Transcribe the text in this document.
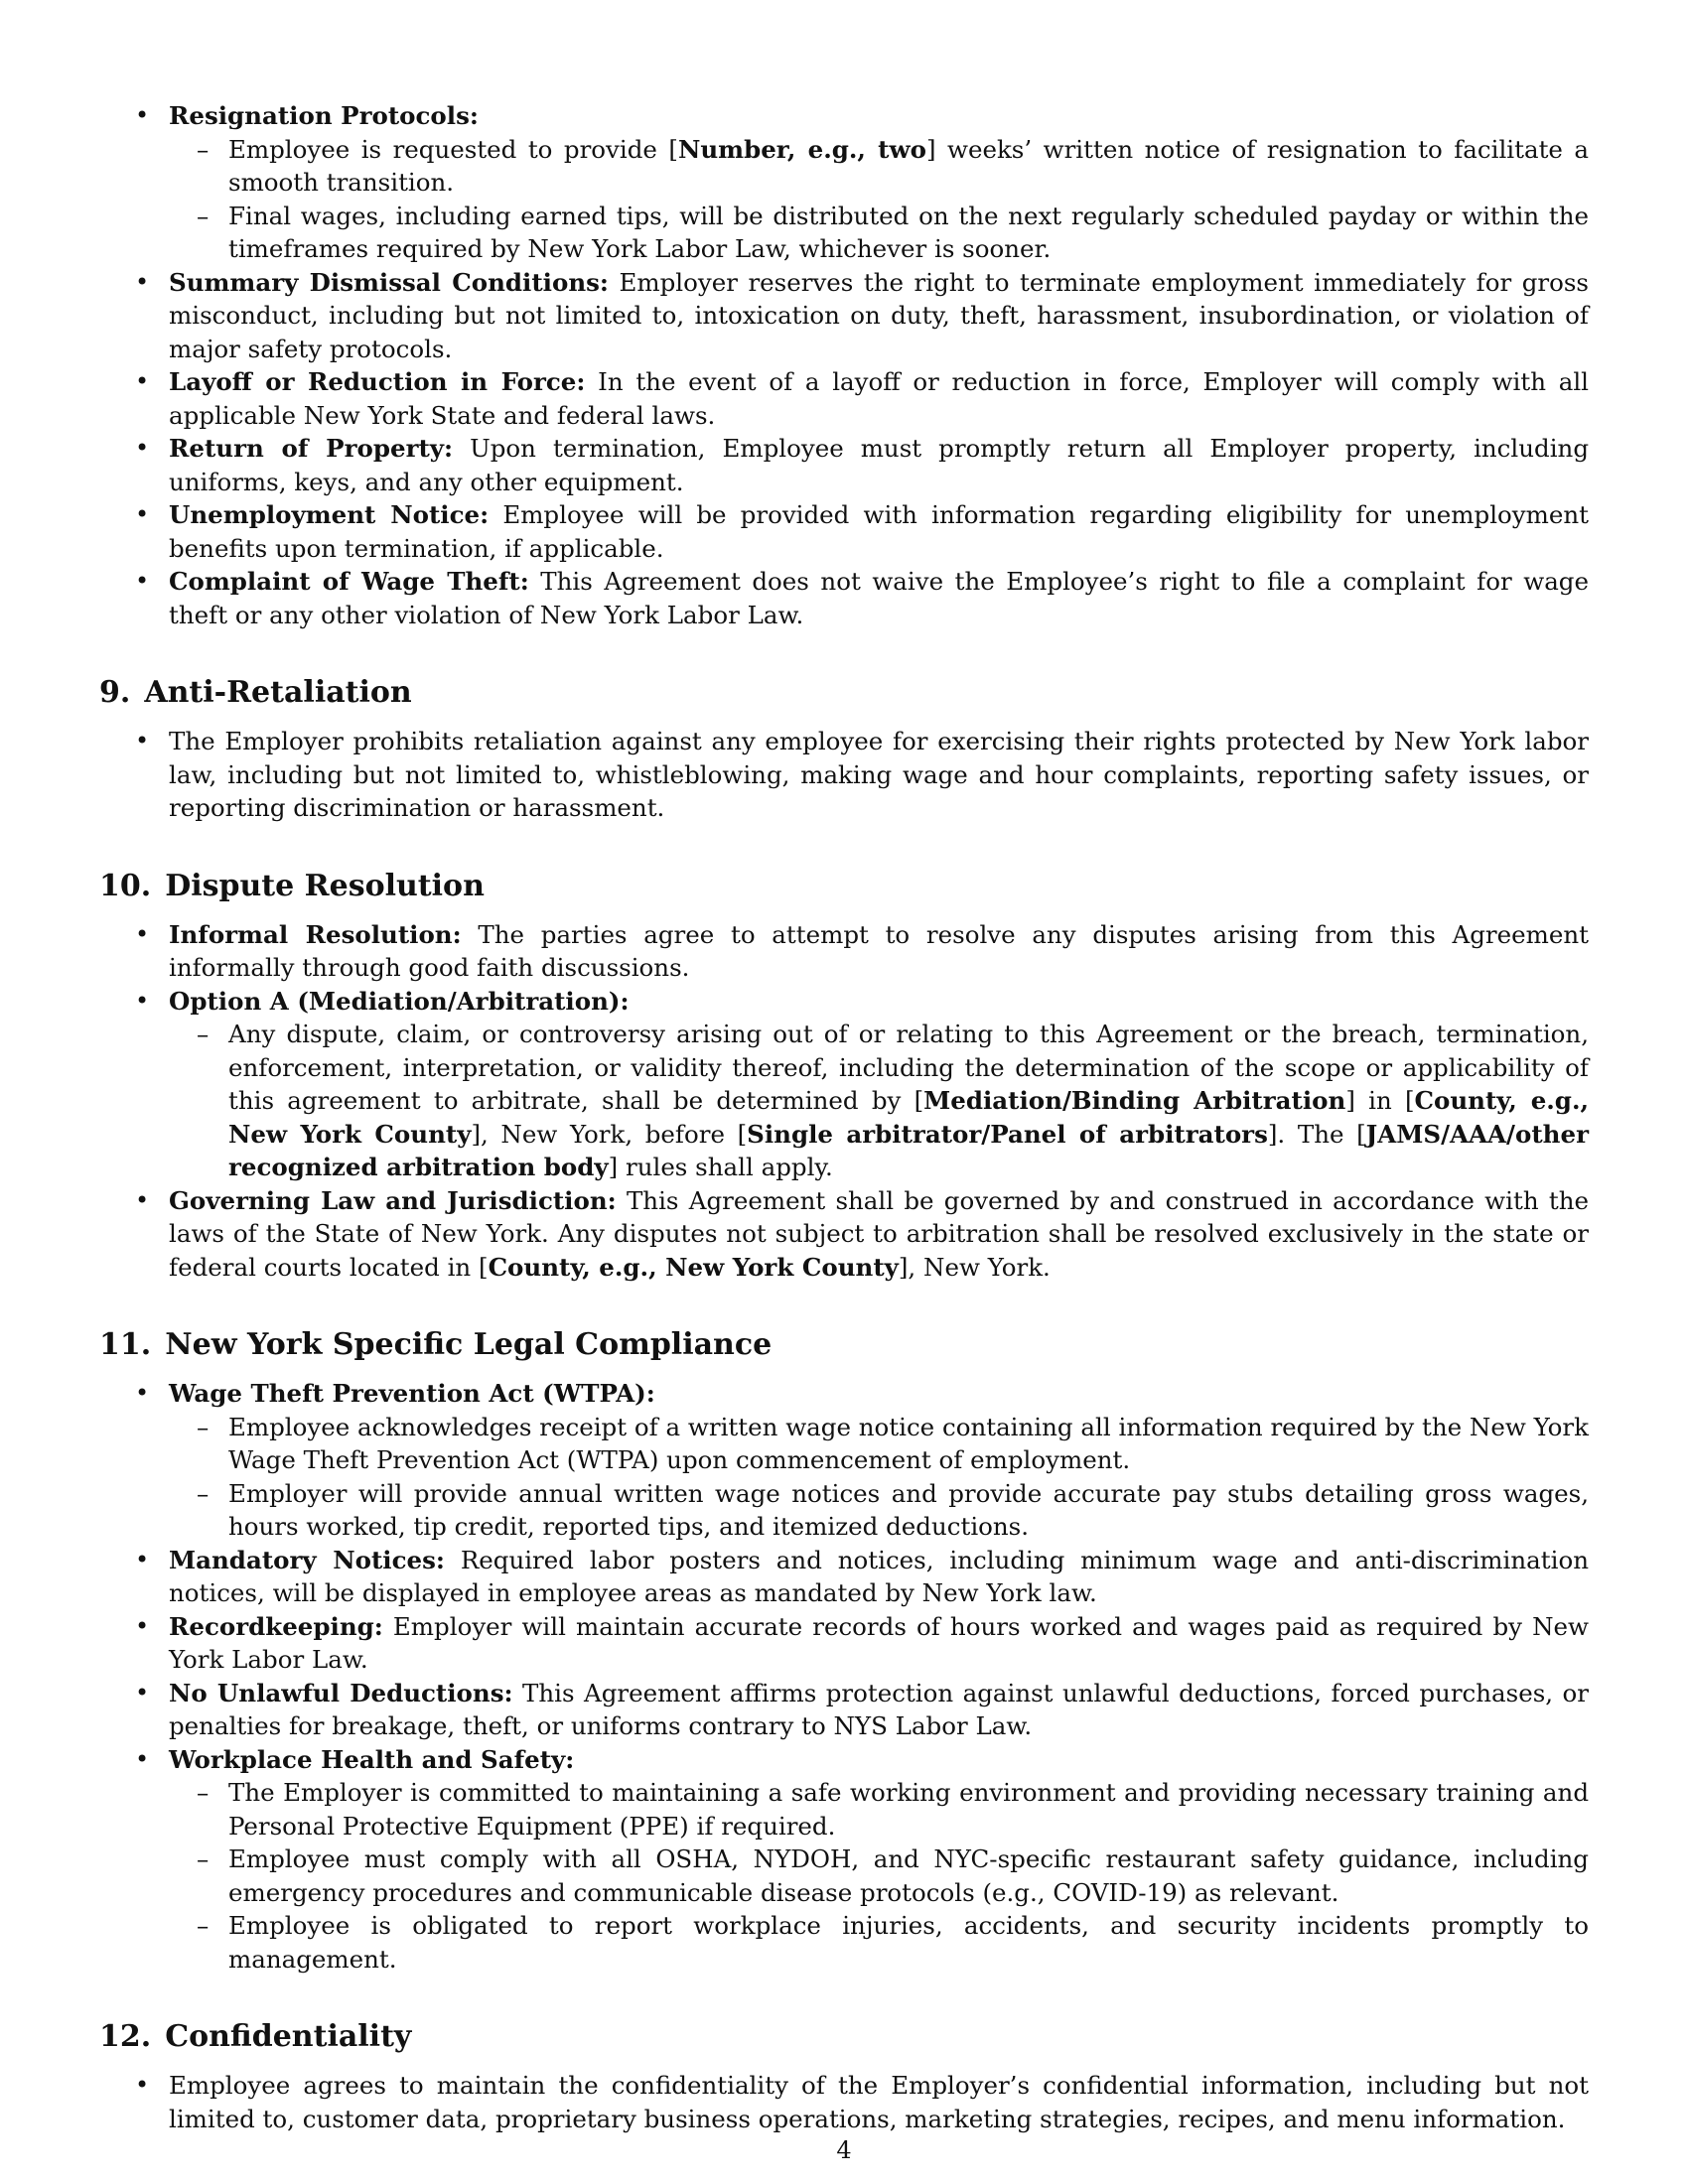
• Resignation Protocols:
– Employee is requested to provide [Number, e.g., two] weeks’ written notice of resignation to facilitate a smooth transition.
– Final wages, including earned tips, will be distributed on the next regularly scheduled payday or within the timeframes required by New York Labor Law, whichever is sooner.
• Summary Dismissal Conditions: Employer reserves the right to terminate employment immediately for gross misconduct, including but not limited to, intoxication on duty, theft, harassment, insubordination, or violation of major safety protocols.
• Layoff or Reduction in Force: In the event of a layoff or reduction in force, Employer will comply with all applicable New York State and federal laws.
• Return of Property: Upon termination, Employee must promptly return all Employer property, including uniforms, keys, and any other equipment.
• Unemployment Notice: Employee will be provided with information regarding eligibility for unemployment benefits upon termination, if applicable.
• Complaint of Wage Theft: This Agreement does not waive the Employee’s right to file a complaint for wage theft or any other violation of New York Labor Law.
9. Anti-Retaliation
• The Employer prohibits retaliation against any employee for exercising their rights protected by New York labor law, including but not limited to, whistleblowing, making wage and hour complaints, reporting safety issues, or reporting discrimination or harassment.
10. Dispute Resolution
• Informal Resolution: The parties agree to attempt to resolve any disputes arising from this Agreement informally through good faith discussions.
• Option A (Mediation/Arbitration):
– Any dispute, claim, or controversy arising out of or relating to this Agreement or the breach, termination, enforcement, interpretation, or validity thereof, including the determination of the scope or applicability of this agreement to arbitrate, shall be determined by [Mediation/Binding Arbitration] in [County, e.g., New York County], New York, before [Single arbitrator/Panel of arbitrators]. The [JAMS/AAA/other recognized arbitration body] rules shall apply.
• Governing Law and Jurisdiction: This Agreement shall be governed by and construed in accordance with the laws of the State of New York. Any disputes not subject to arbitration shall be resolved exclusively in the state or federal courts located in [County, e.g., New York County], New York.
11. New York Specific Legal Compliance
• Wage Theft Prevention Act (WTPA):
– Employee acknowledges receipt of a written wage notice containing all information required by the New York Wage Theft Prevention Act (WTPA) upon commencement of employment.
– Employer will provide annual written wage notices and provide accurate pay stubs detailing gross wages, hours worked, tip credit, reported tips, and itemized deductions.
• Mandatory Notices: Required labor posters and notices, including minimum wage and anti-discrimination notices, will be displayed in employee areas as mandated by New York law.
• Recordkeeping: Employer will maintain accurate records of hours worked and wages paid as required by New York Labor Law.
• No Unlawful Deductions: This Agreement affirms protection against unlawful deductions, forced purchases, or penalties for breakage, theft, or uniforms contrary to NYS Labor Law.
• Workplace Health and Safety:
– The Employer is committed to maintaining a safe working environment and providing necessary training and Personal Protective Equipment (PPE) if required.
– Employee must comply with all OSHA, NYDOH, and NYC-specific restaurant safety guidance, including emergency procedures and communicable disease protocols (e.g., COVID-19) as relevant.
– Employee is obligated to report workplace injuries, accidents, and security incidents promptly to management.
12. Confidentiality
• Employee agrees to maintain the confidentiality of the Employer’s confidential information, including but not limited to, customer data, proprietary business operations, marketing strategies, recipes, and menu information.
4
